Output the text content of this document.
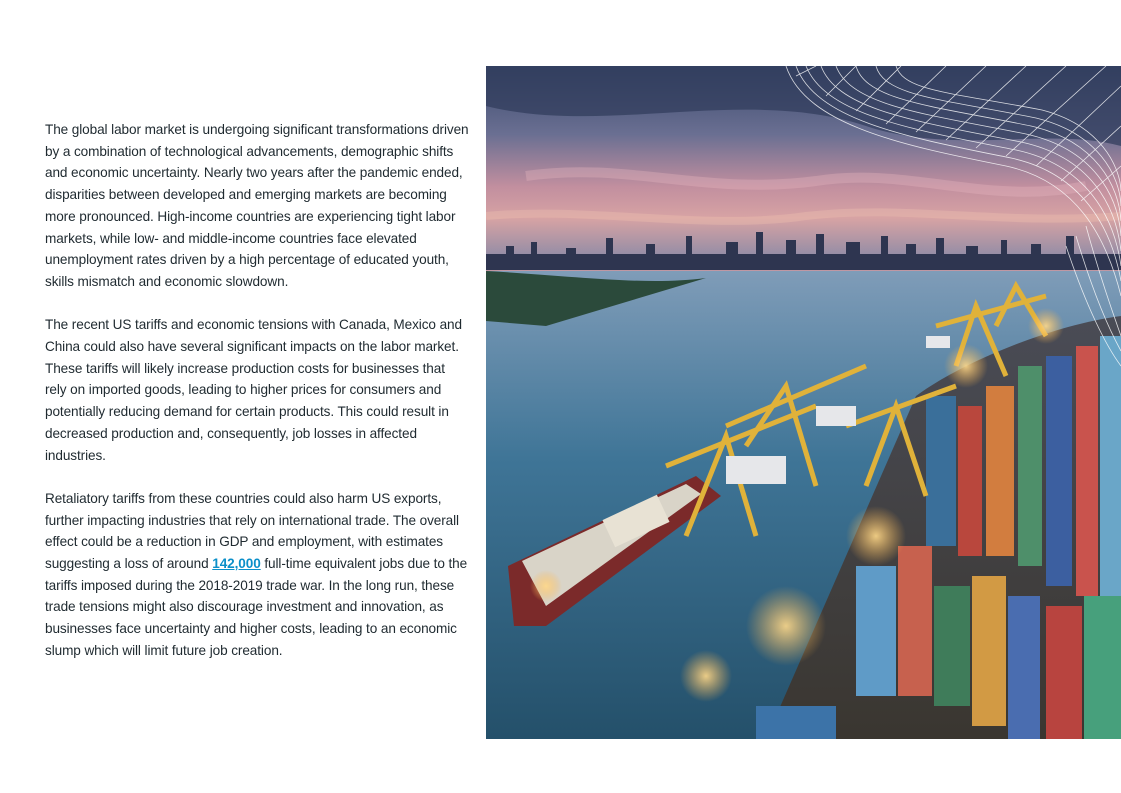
The global labor market is undergoing significant transformations driven by a combination of technological advancements, demographic shifts and economic uncertainty. Nearly two years after the pandemic ended, disparities between developed and emerging markets are becoming more pronounced. High-income countries are experiencing tight labor markets, while low- and middle-income countries face elevated unemployment rates driven by a high percentage of educated youth, skills mismatch and economic slowdown.

The recent US tariffs and economic tensions with Canada, Mexico and China could also have several significant impacts on the labor market. These tariffs will likely increase production costs for businesses that rely on imported goods, leading to higher prices for consumers and potentially reducing demand for certain products. This could result in decreased production and, consequently, job losses in affected industries.

Retaliatory tariffs from these countries could also harm US exports, further impacting industries that rely on international trade. The overall effect could be a reduction in GDP and employment, with estimates suggesting a loss of around 142,000 full-time equivalent jobs due to the tariffs imposed during the 2018-2019 trade war. In the long run, these trade tensions might also discourage investment and innovation, as businesses face uncertainty and higher costs, leading to an economic slump which will limit future job creation.
